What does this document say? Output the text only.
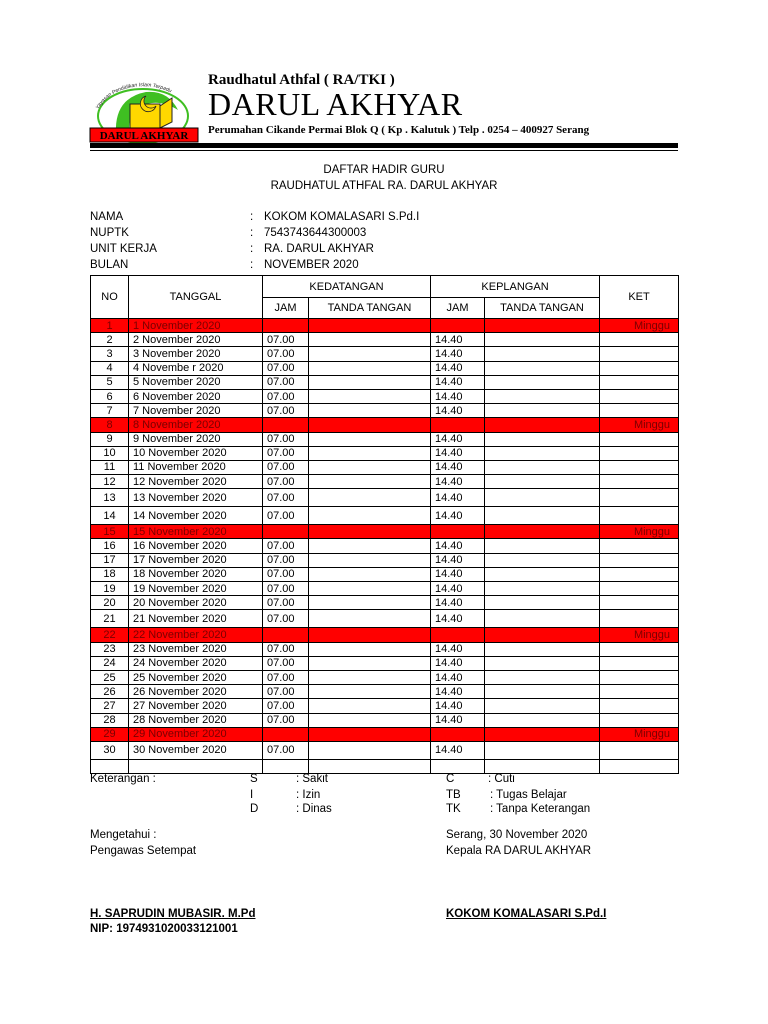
Yayasan Pendidikan Islam Terpadu
DARUL AKHYAR
Raudhatul Athfal ( RA/TKI )
DARUL AKHYAR
Perumahan Cikande Permai Blok Q ( Kp . Kalutuk ) Telp . 0254 – 400927 Serang
DAFTAR HADIR GURU
RAUDHATUL ATHFAL RA. DARUL AKHYAR
NAMA	: KOKOM KOMALASARI S.Pd.I
NUPTK	: 7543743644300003
UNIT KERJA	: RA. DARUL AKHYAR
BULAN	: NOVEMBER 2020
NO	TANGGAL	KEDATANGAN		KEPLANGAN		KET
		JAM	TANDA TANGAN	JAM	TANDA TANGAN	
1	1 November 2020					Minggu
2	2 November 2020	07.00		14.40		
3	3 November 2020	07.00		14.40		
4	4 Novembe r 2020	07.00		14.40		
5	5 November 2020	07.00		14.40		
6	6 November 2020	07.00		14.40		
7	7 November 2020	07.00		14.40		
8	8 November 2020					Minggu
9	9 November 2020	07.00		14.40		
10	10 November 2020	07.00		14.40		
11	11 November 2020	07.00		14.40		
12	12 November 2020	07.00		14.40		
13	13 November 2020	07.00		14.40		
14	14 November 2020	07.00		14.40		
15	15 November 2020					Minggu
16	16 November 2020	07.00		14.40		
17	17 November 2020	07.00		14.40		
18	18 November 2020	07.00		14.40		
19	19 November 2020	07.00		14.40		
20	20 November 2020	07.00		14.40		
21	21 November 2020	07.00		14.40		
22	22 November 2020					Minggu
23	23 November 2020	07.00		14.40		
24	24 November 2020	07.00		14.40		
25	25 November 2020	07.00		14.40		
26	26 November 2020	07.00		14.40		
27	27 November 2020	07.00		14.40		
28	28 November 2020	07.00		14.40		
29	29 November 2020					Minggu
30	30 November 2020	07.00		14.40		

Keterangan :	S	: Sakit
I	: Izin
D	: Dinas
C	: Cuti
TB	: Tugas Belajar
TK	: Tanpa Keterangan
Mengetahui :
Pengawas Setempat
Serang, 30 November 2020
Kepala RA DARUL AKHYAR
H. SAPRUDIN MUBASIR. M.Pd
NIP: 1974931020033121001
KOKOM KOMALASARI S.Pd.I
